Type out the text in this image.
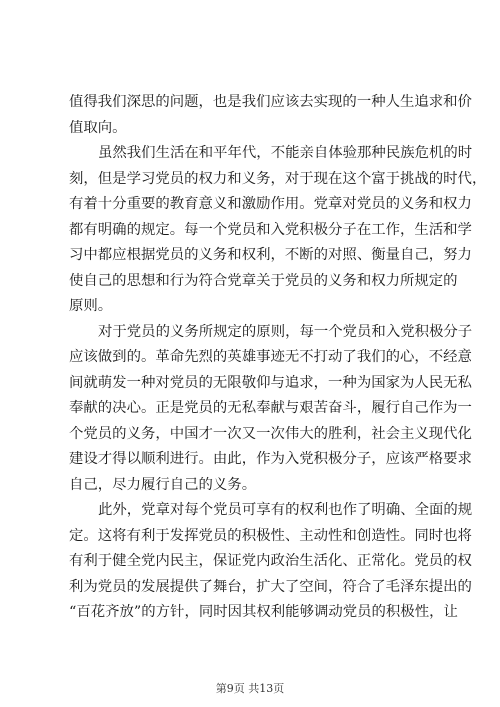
值得我们深思的问题，也是我们应该去实现的一种人生追求和价
值取向。
虽然我们生活在和平年代，不能亲自体验那种民族危机的时
刻，但是学习党员的权力和义务，对于现在这个富于挑战的时代，
有着十分重要的教育意义和激励作用。党章对党员的义务和权力
都有明确的规定。每一个党员和入党积极分子在工作，生活和学
习中都应根据党员的义务和权利，不断的对照、衡量自己，努力
使自己的思想和行为符合党章关于党员的义务和权力所规定的
原则。
对于党员的义务所规定的原则，每一个党员和入党积极分子
应该做到的。革命先烈的英雄事迹无不打动了我们的心，不经意
间就萌发一种对党员的无限敬仰与追求，一种为国家为人民无私
奉献的决心。正是党员的无私奉献与艰苦奋斗，履行自己作为一
个党员的义务，中国才一次又一次伟大的胜利，社会主义现代化
建设才得以顺利进行。由此，作为入党积极分子，应该严格要求
自己，尽力履行自己的义务。
此外，党章对每个党员可享有的权利也作了明确、全面的规
定。这将有利于发挥党员的积极性、主动性和创造性。同时也将
有利于健全党内民主，保证党内政治生活化、正常化。党员的权
利为党员的发展提供了舞台，扩大了空间，符合了毛泽东提出的
“百花齐放”的方针，同时因其权利能够调动党员的积极性，让
第9页 共13页
